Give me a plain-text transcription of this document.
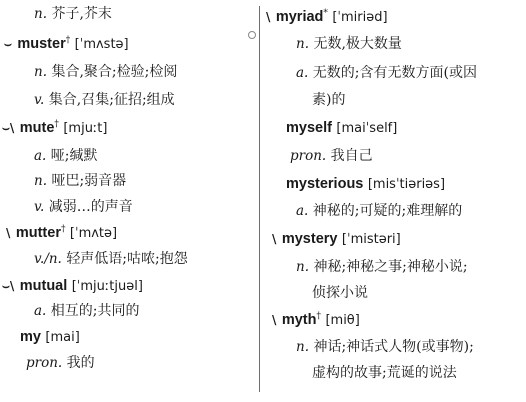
n. 芥子,芥末
⌣ muster† [ˈmʌstə]
n. 集合,聚合;检验;检阅
v. 集合,召集;征招;组成
⌣\ mute† [mjuːt]
a. 哑;缄默
n. 哑巴;弱音器
v. 减弱…的声音
\ mutter† [ˈmʌtə]
v./n. 轻声低语;咕哝;抱怨
⌣\ mutual [ˈmjuːtjuəl]
a. 相互的;共同的
my [mai]
pron. 我的
\ myriad* [ˈmiriəd]
n. 无数,极大数量
a. 无数的;含有无数方面(或因
素)的
myself [maiˈself]
pron. 我自己
mysterious [misˈtiəriəs]
a. 神秘的;可疑的;难理解的
\ mystery [ˈmistəri]
n. 神秘;神秘之事;神秘小说;
侦探小说
\ myth† [miθ]
n. 神话;神话式人物(或事物);
虚构的故事;荒诞的说法
